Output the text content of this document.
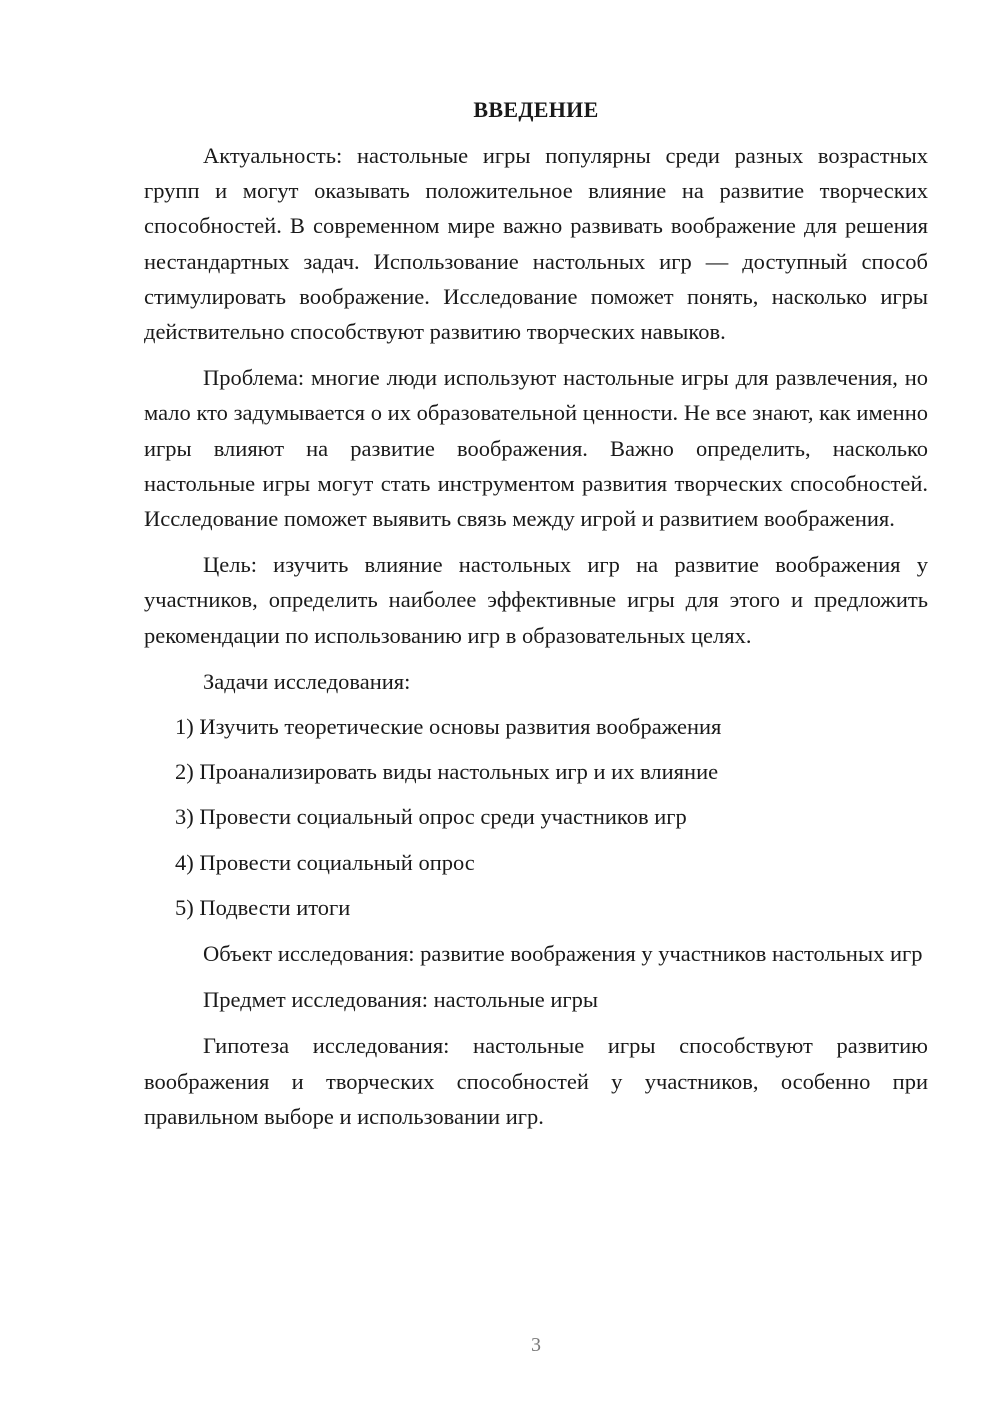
ВВЕДЕНИЕ

Актуальность: настольные игры популярны среди разных возрастных групп и могут оказывать положительное влияние на развитие творческих способностей. В современном мире важно развивать воображение для решения нестандартных задач. Использование настольных игр — доступный способ стимулировать воображение. Исследование поможет понять, насколько игры действительно способствуют развитию творческих навыков.

Проблема: многие люди используют настольные игры для развлечения, но мало кто задумывается о их образовательной ценности. Не все знают, как именно игры влияют на развитие воображения. Важно определить, насколько настольные игры могут стать инструментом развития творческих способностей. Исследование поможет выявить связь между игрой и развитием воображения.

Цель: изучить влияние настольных игр на развитие воображения у участников, определить наиболее эффективные игры для этого и предложить рекомендации по использованию игр в образовательных целях.

Задачи исследования:

1) Изучить теоретические основы развития воображения
2) Проанализировать виды настольных игр и их влияние
3) Провести социальный опрос среди участников игр
4) Провести социальный опрос
5) Подвести итоги

Объект исследования: развитие воображения у участников настольных игр

Предмет исследования: настольные игры

Гипотеза исследования: настольные игры способствуют развитию воображения и творческих способностей у участников, особенно при правильном выборе и использовании игр.

3
